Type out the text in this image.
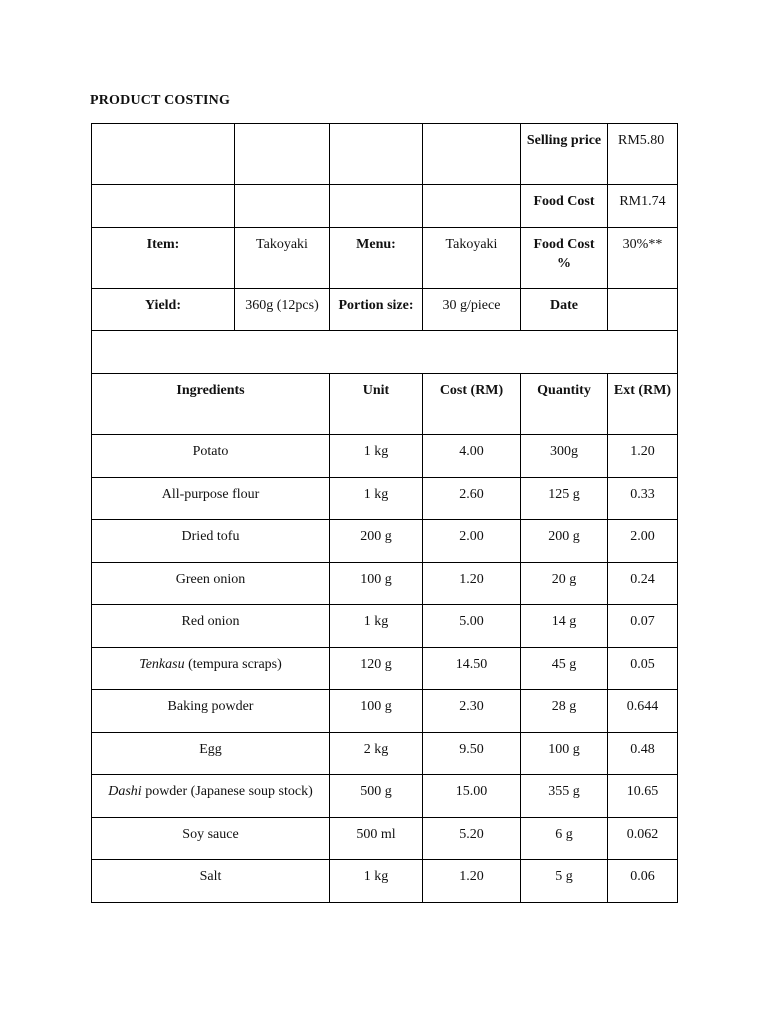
PRODUCT COSTING
				Selling price	RM5.80
				Food Cost	RM1.74
Item:	Takoyaki	Menu:	Takoyaki	Food Cost %	30%**
Yield:	360g (12pcs)	Portion size:	30 g/piece	Date	

Ingredients		Unit	Cost (RM)	Quantity	Ext (RM)
Potato		1 kg	4.00	300g	1.20
All-purpose flour		1 kg	2.60	125 g	0.33
Dried tofu		200 g	2.00	200 g	2.00
Green onion		100 g	1.20	20 g	0.24
Red onion		1 kg	5.00	14 g	0.07
Tenkasu (tempura scraps)		120 g	14.50	45 g	0.05
Baking powder		100 g	2.30	28 g	0.644
Egg		2 kg	9.50	100 g	0.48
Dashi powder (Japanese soup stock)		500 g	15.00	355 g	10.65
Soy sauce		500 ml	5.20	6 g	0.062
Salt		1 kg	1.20	5 g	0.06
